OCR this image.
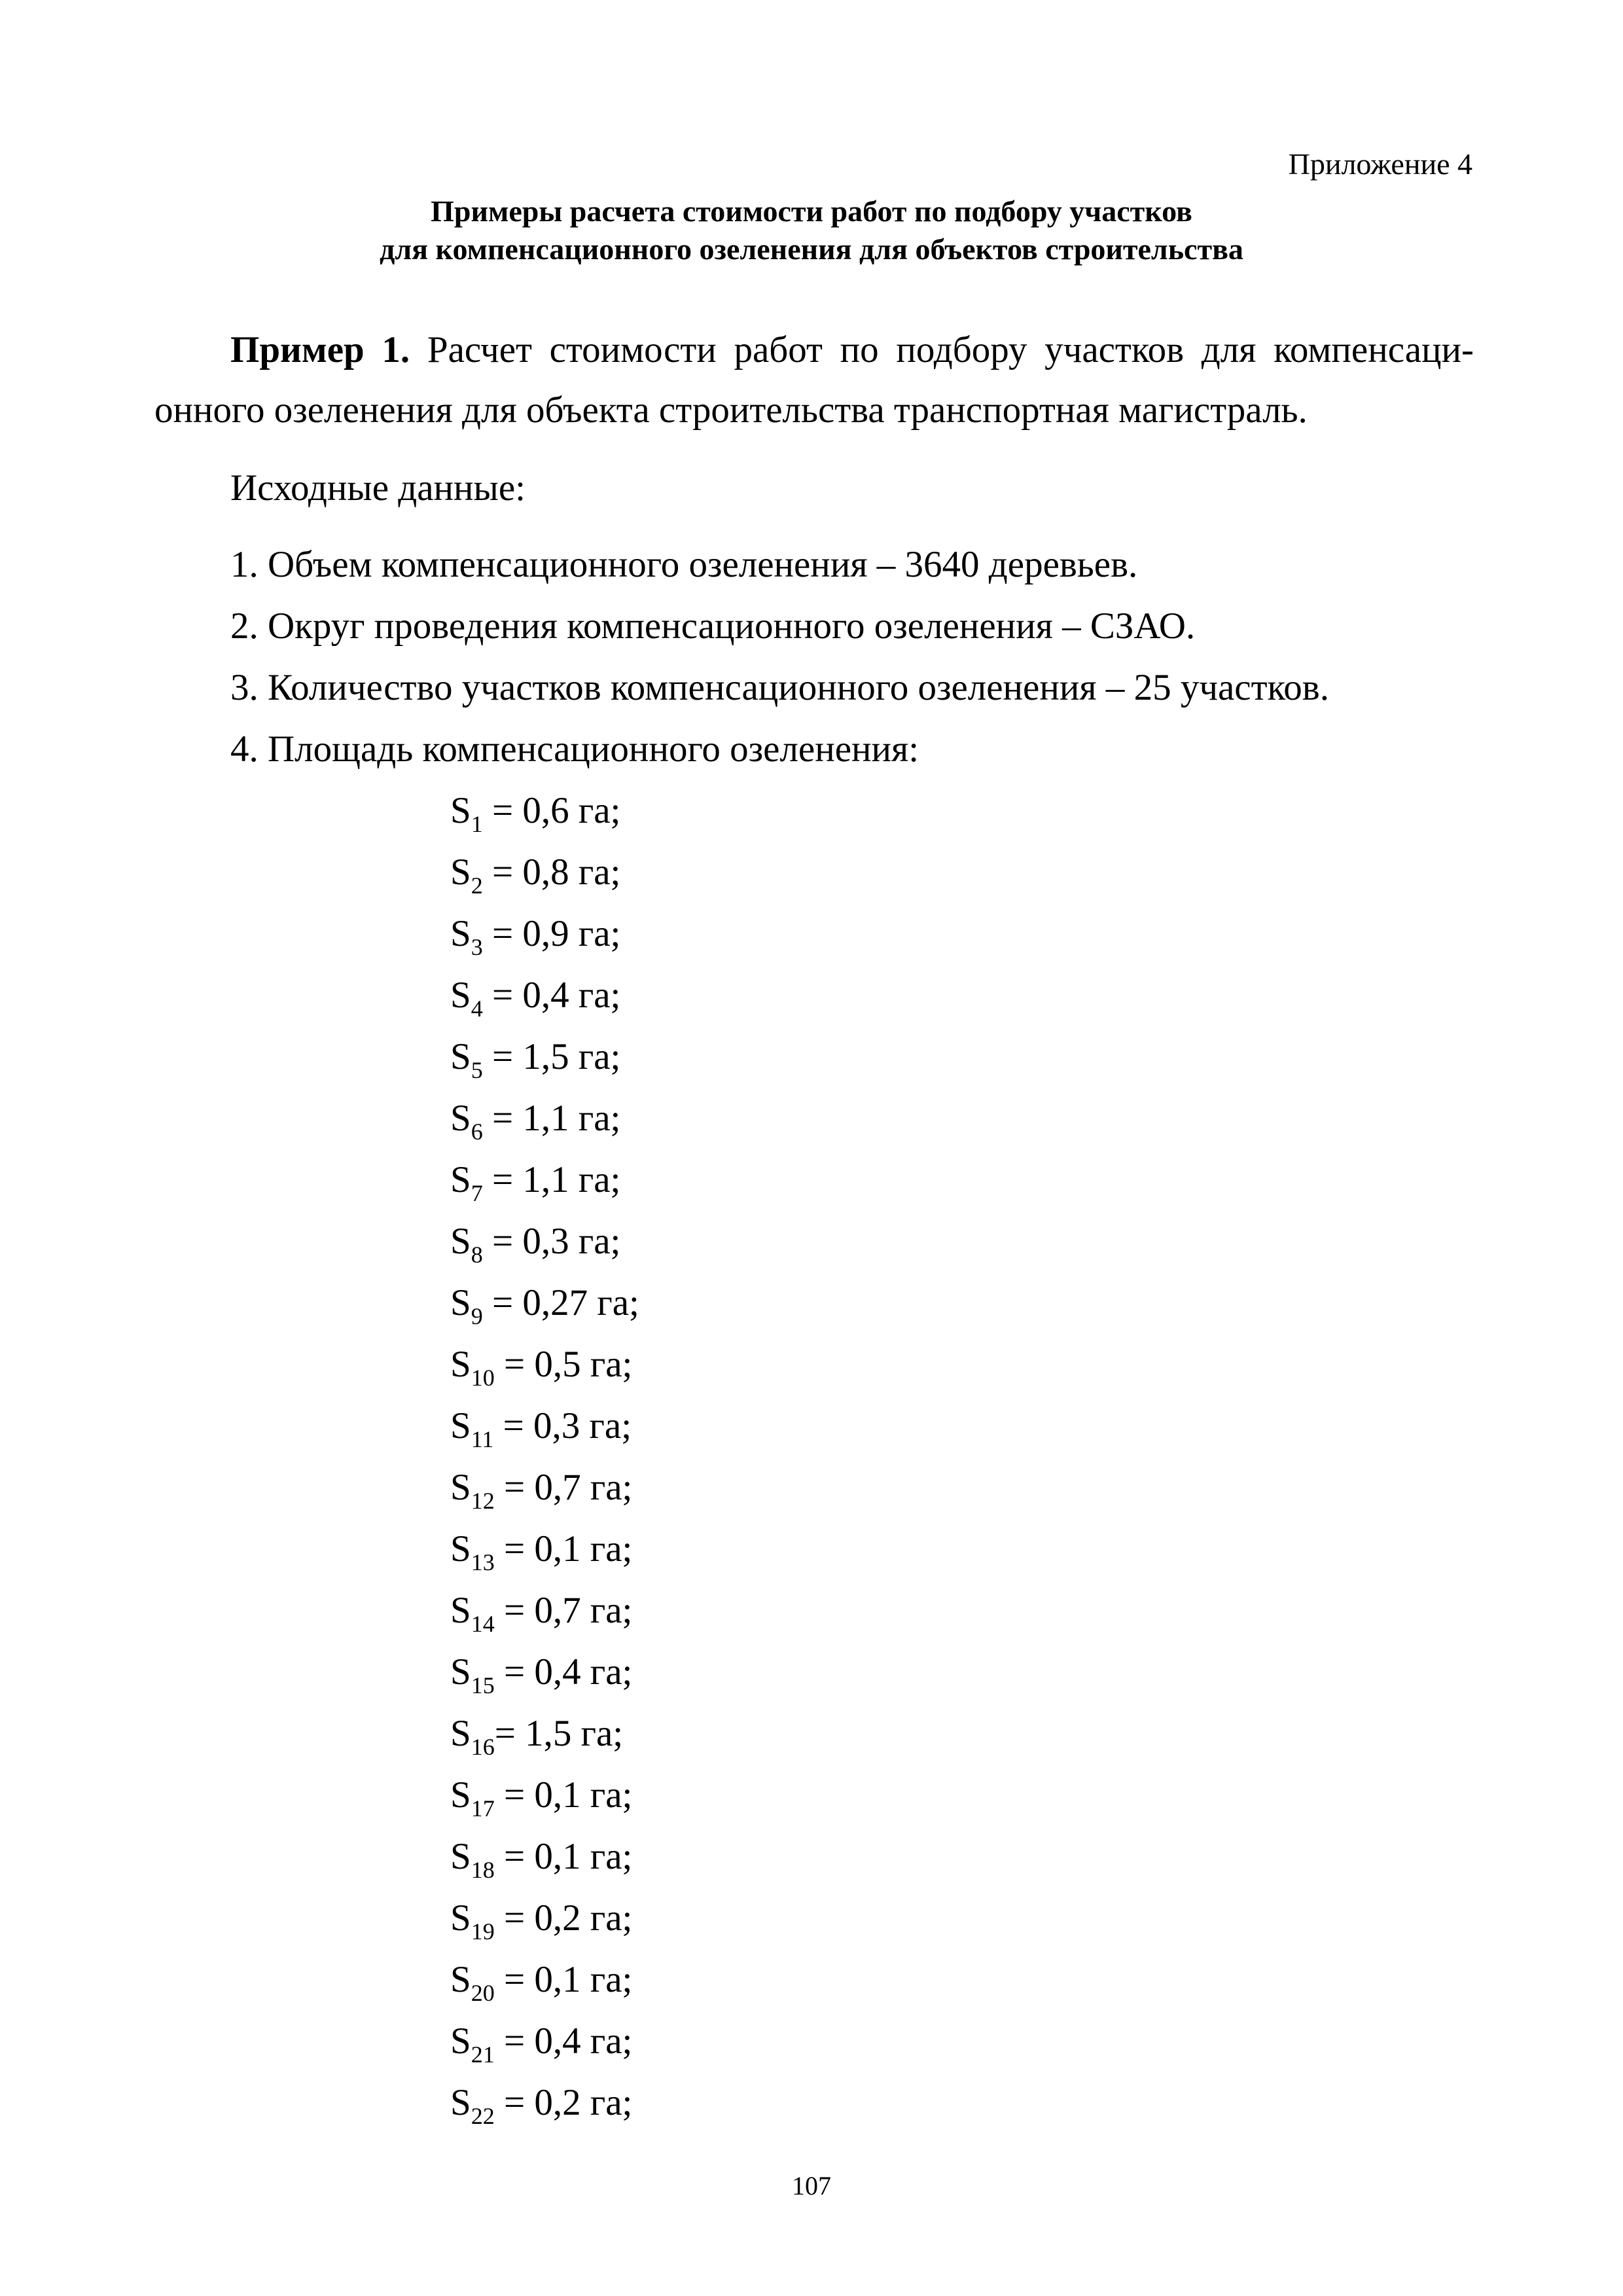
Приложение 4
Примеры расчета стоимости работ по подбору участков
для компенсационного озеленения для объектов строительства
Пример 1. Расчет стоимости работ по подбору участков для компенсаци-
онного озеленения для объекта строительства транспортная магистраль.
Исходные данные:
1. Объем компенсационного озеленения – 3640 деревьев.
2. Округ проведения компенсационного озеленения – СЗАО.
3. Количество участков компенсационного озеленения – 25 участков.
4. Площадь компенсационного озеленения:
$S_1 = 0,6$ га;
$S_2 = 0,8$ га;
$S_3 = 0,9$ га;
$S_4 = 0,4$ га;
$S_5 = 1,5$ га;
$S_6 = 1,1$ га;
$S_7 = 1,1$ га;
$S_8 = 0,3$ га;
$S_9 = 0,27$ га;
$S_{10} = 0,5$ га;
$S_{11} = 0,3$ га;
$S_{12} = 0,7$ га;
$S_{13} = 0,1$ га;
$S_{14} = 0,7$ га;
$S_{15} = 0,4$ га;
$S_{16}= 1,5$ га;
$S_{17} = 0,1$ га;
$S_{18} = 0,1$ га;
$S_{19} = 0,2$ га;
$S_{20} = 0,1$ га;
$S_{21} = 0,4$ га;
$S_{22} = 0,2$ га;
107
